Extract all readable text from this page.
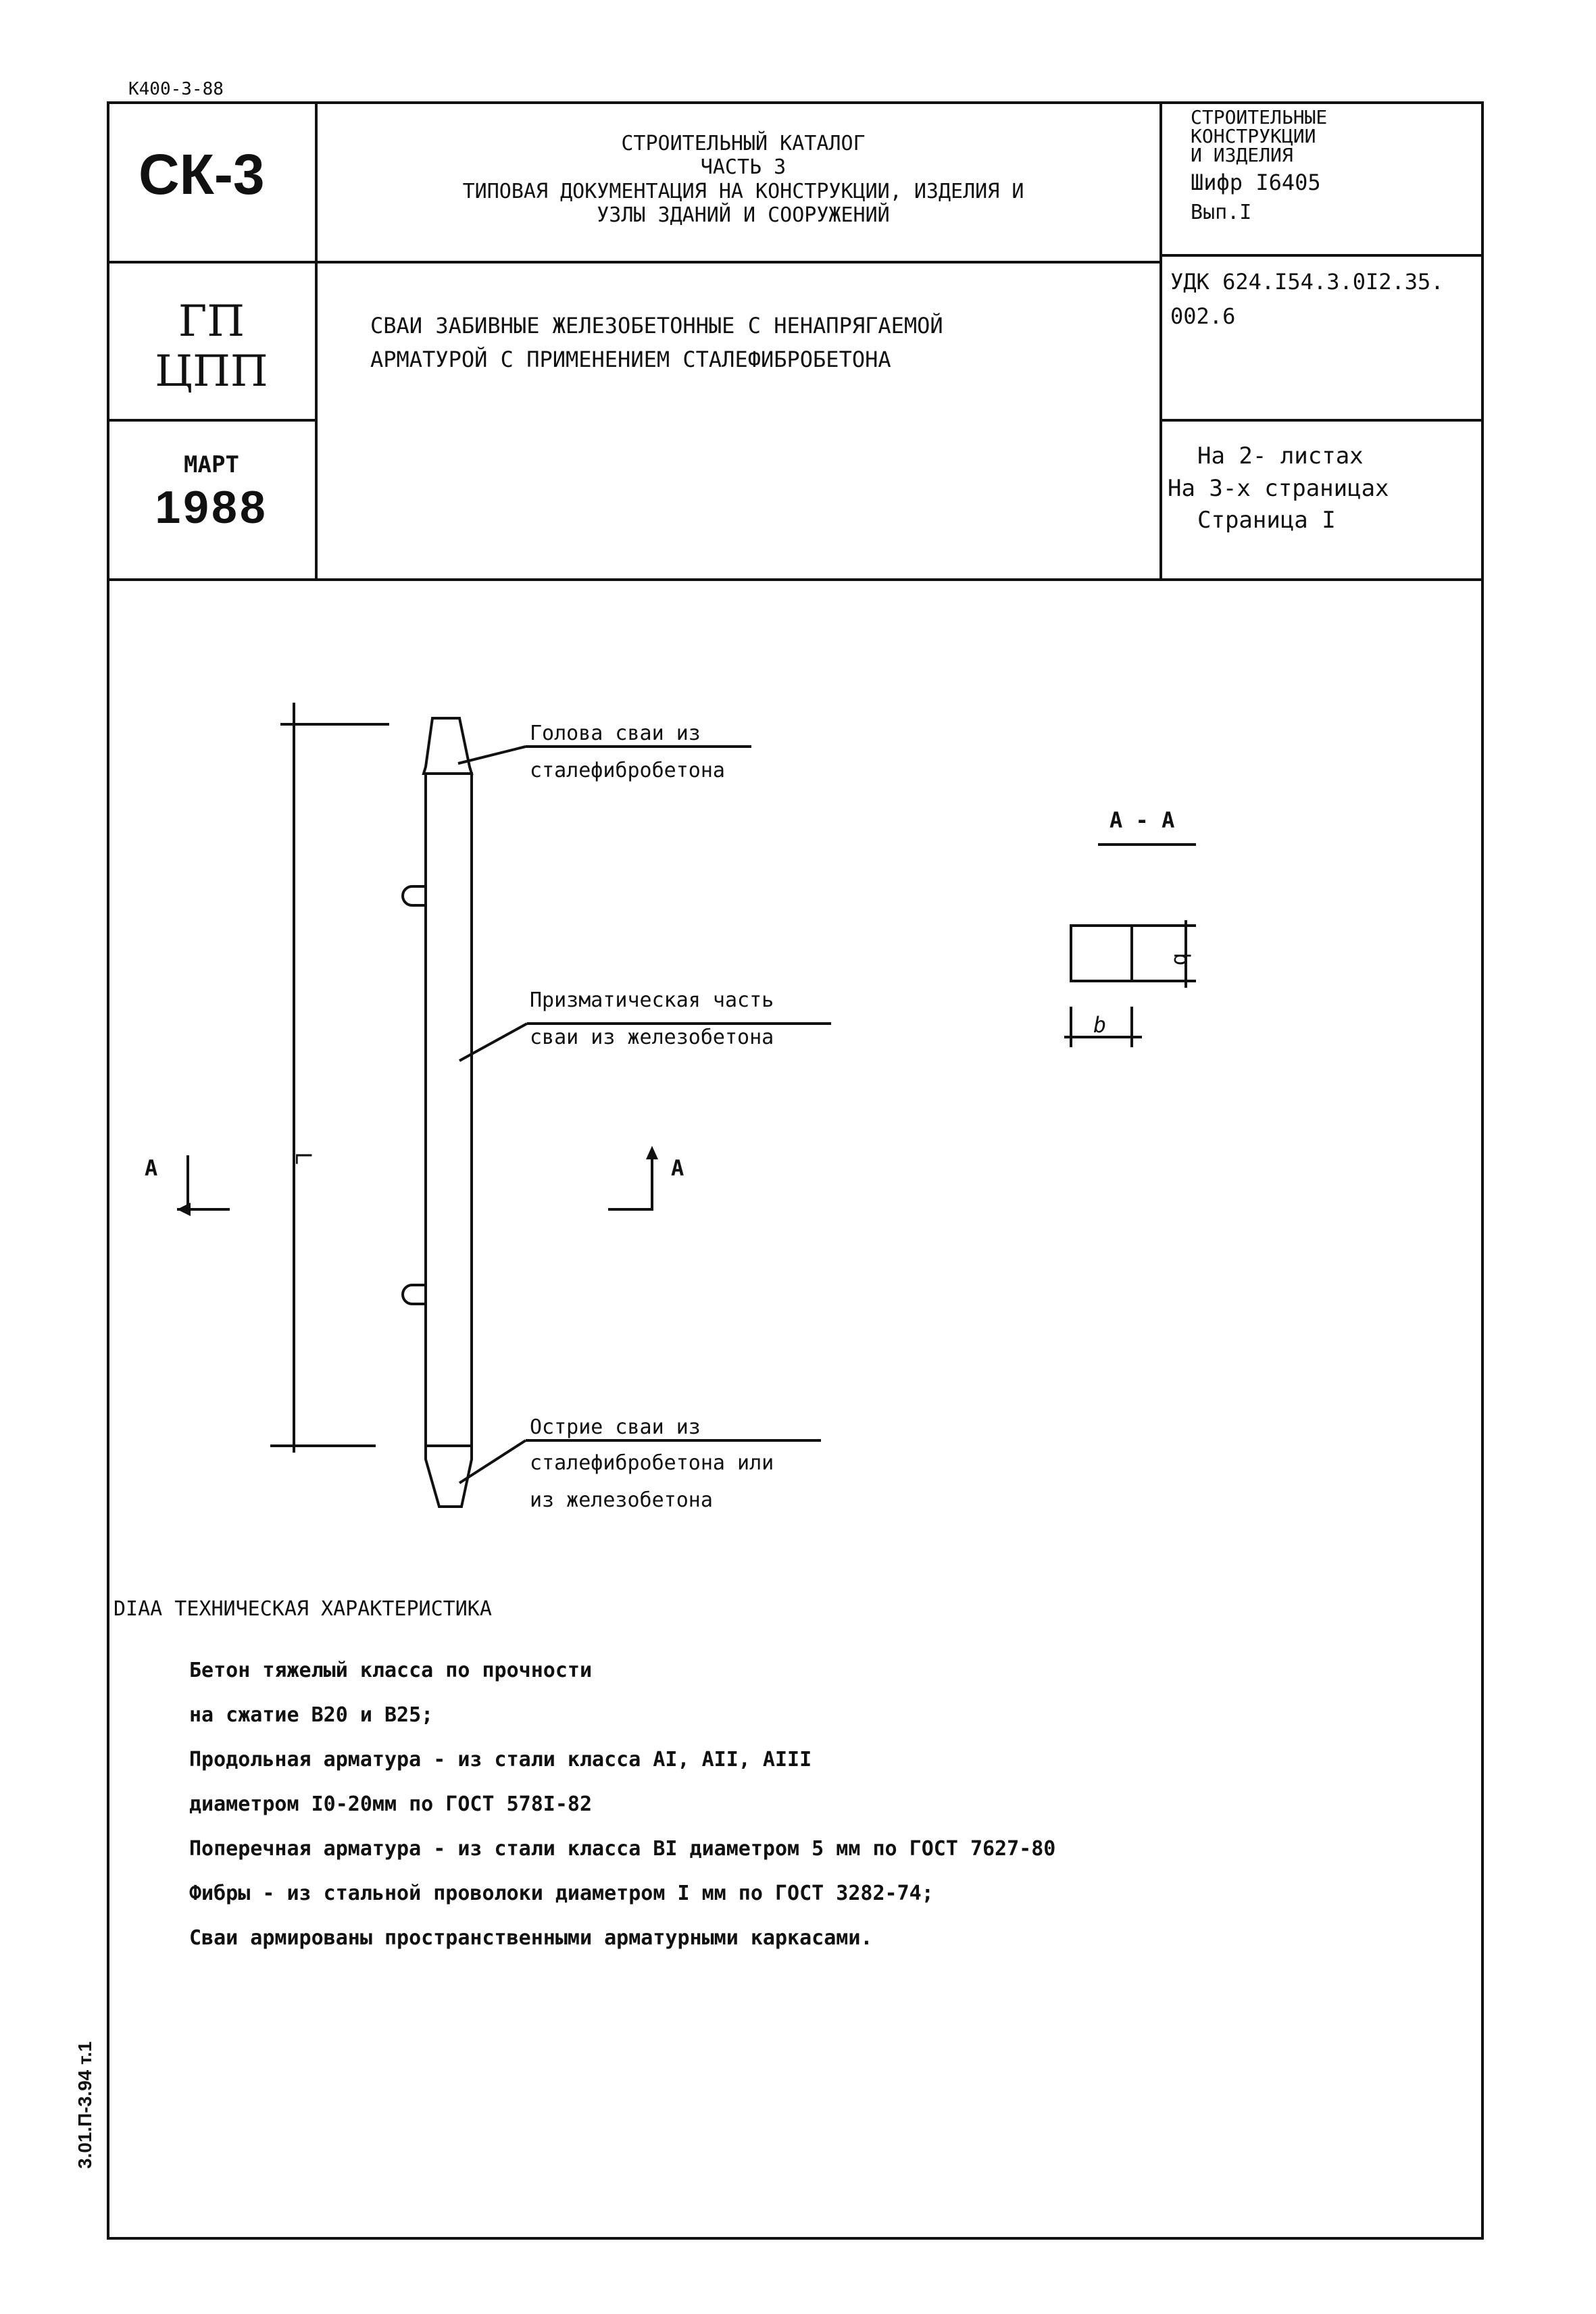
К400-3-88
СК-3	СТРОИТЕЛЬНЫЙ КАТАЛОГ
ЧАСТЬ 3
ТИПОВАЯ ДОКУМЕНТАЦИЯ НА КОНСТРУКЦИИ, ИЗДЕЛИЯ И
УЗЛЫ ЗДАНИЙ И СООРУЖЕНИЙ
СТРОИТЕЛЬНЫЕ
КОНСТРУКЦИИ
И ИЗДЕЛИЯ
Шифр I6405
Вып.I
ГП
ЦПП
СВАИ ЗАБИВНЫЕ ЖЕЛЕЗОБЕТОННЫЕ С НЕНАПРЯГАЕМОЙ
АРМАТУРОЙ С ПРИМЕНЕНИЕМ СТАЛЕФИБРОБЕТОНА
УДК 624.I54.3.0I2.35.
002.6
МАРТ
1988
На 2- листах
На 3-х страницах
Страница I
L
А	А
А - А
b
b
Голова сваи из
сталефибробетона
Призматическая часть
сваи из железобетона
Острие сваи из
сталефибробетона или
из железобетона
DIAA ТЕХНИЧЕСКАЯ ХАРАКТЕРИСТИКА
Бетон тяжелый класса по прочности
на сжатие В20 и В25;
Продольная арматура - из стали класса АI, АII, АIII
диаметром I0-20мм по ГОСТ 578I-82
Поперечная арматура - из стали класса ВI диаметром 5 мм по ГОСТ 7627-80
Фибры - из стальной проволоки диаметром I мм по ГОСТ 3282-74;
Сваи армированы пространственными арматурными каркасами.
3.01.П-3.94 т.1
